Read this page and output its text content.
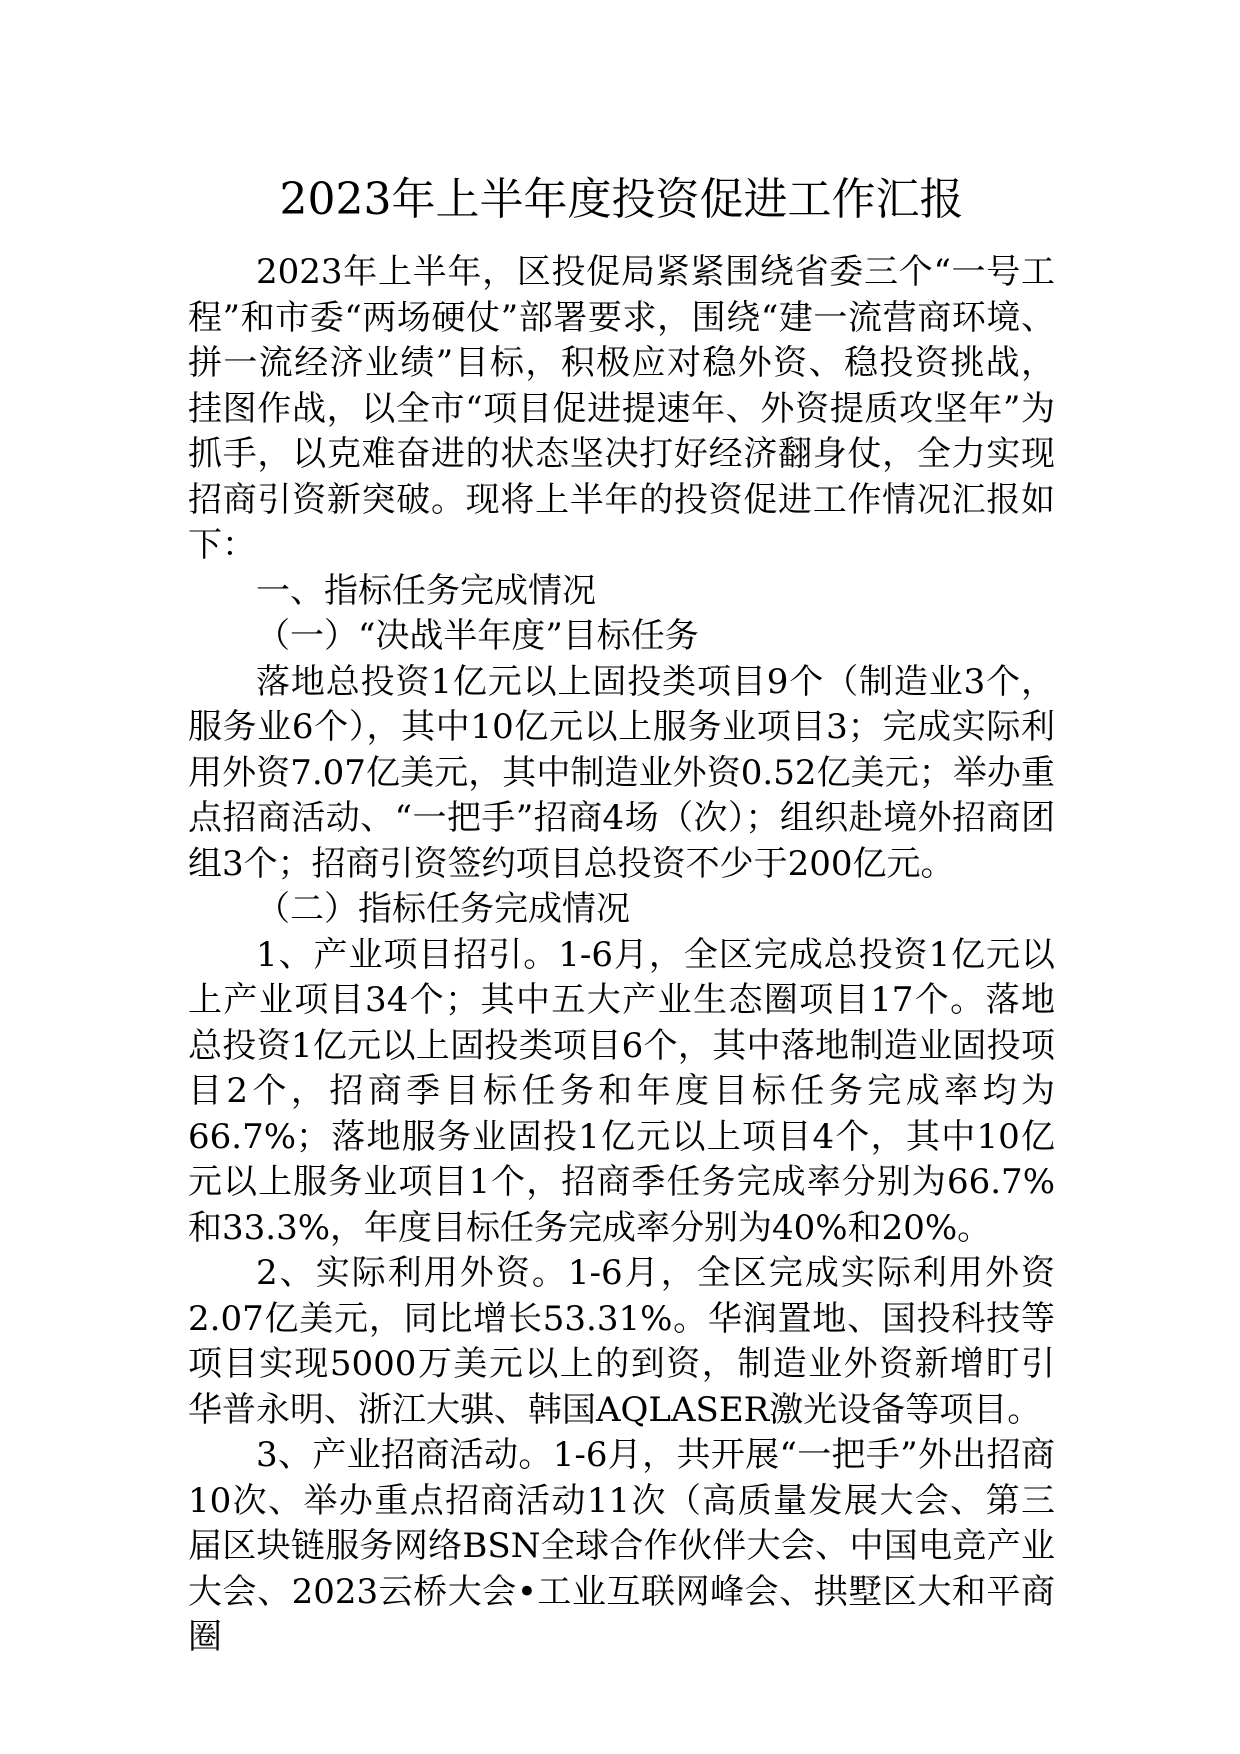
2023年上半年度投资促进工作汇报

2023年上半年，区投促局紧紧围绕省委三个“一号工程”和市委“两场硬仗”部署要求，围绕“建一流营商环境、拼一流经济业绩”目标，积极应对稳外资、稳投资挑战，挂图作战，以全市“项目促进提速年、外资提质攻坚年”为抓手，以克难奋进的状态坚决打好经济翻身仗，全力实现招商引资新突破。现将上半年的投资促进工作情况汇报如下：

一、指标任务完成情况

（一）“决战半年度”目标任务

落地总投资1亿元以上固投类项目9个（制造业3个，服务业6个），其中10亿元以上服务业项目3；完成实际利用外资7.07亿美元，其中制造业外资0.52亿美元；举办重点招商活动、“一把手”招商4场（次）；组织赴境外招商团组3个；招商引资签约项目总投资不少于200亿元。

（二）指标任务完成情况

1、产业项目招引。1-6月，全区完成总投资1亿元以上产业项目34个；其中五大产业生态圈项目17个。落地总投资1亿元以上固投类项目6个，其中落地制造业固投项目2个，招商季目标任务和年度目标任务完成率均为66.7%；落地服务业固投1亿元以上项目4个，其中10亿元以上服务业项目1个，招商季任务完成率分别为66.7%和33.3%，年度目标任务完成率分别为40%和20%。

2、实际利用外资。1-6月，全区完成实际利用外资2.07亿美元，同比增长53.31%。华润置地、国投科技等项目实现5000万美元以上的到资，制造业外资新增盯引华普永明、浙江大骐、韩国AQLASER激光设备等项目。

3、产业招商活动。1-6月，共开展“一把手”外出招商10次、举办重点招商活动11次（高质量发展大会、第三届区块链服务网络BSN全球合作伙伴大会、中国电竞产业大会、2023云桥大会•工业互联网峰会、拱墅区大和平商圈
